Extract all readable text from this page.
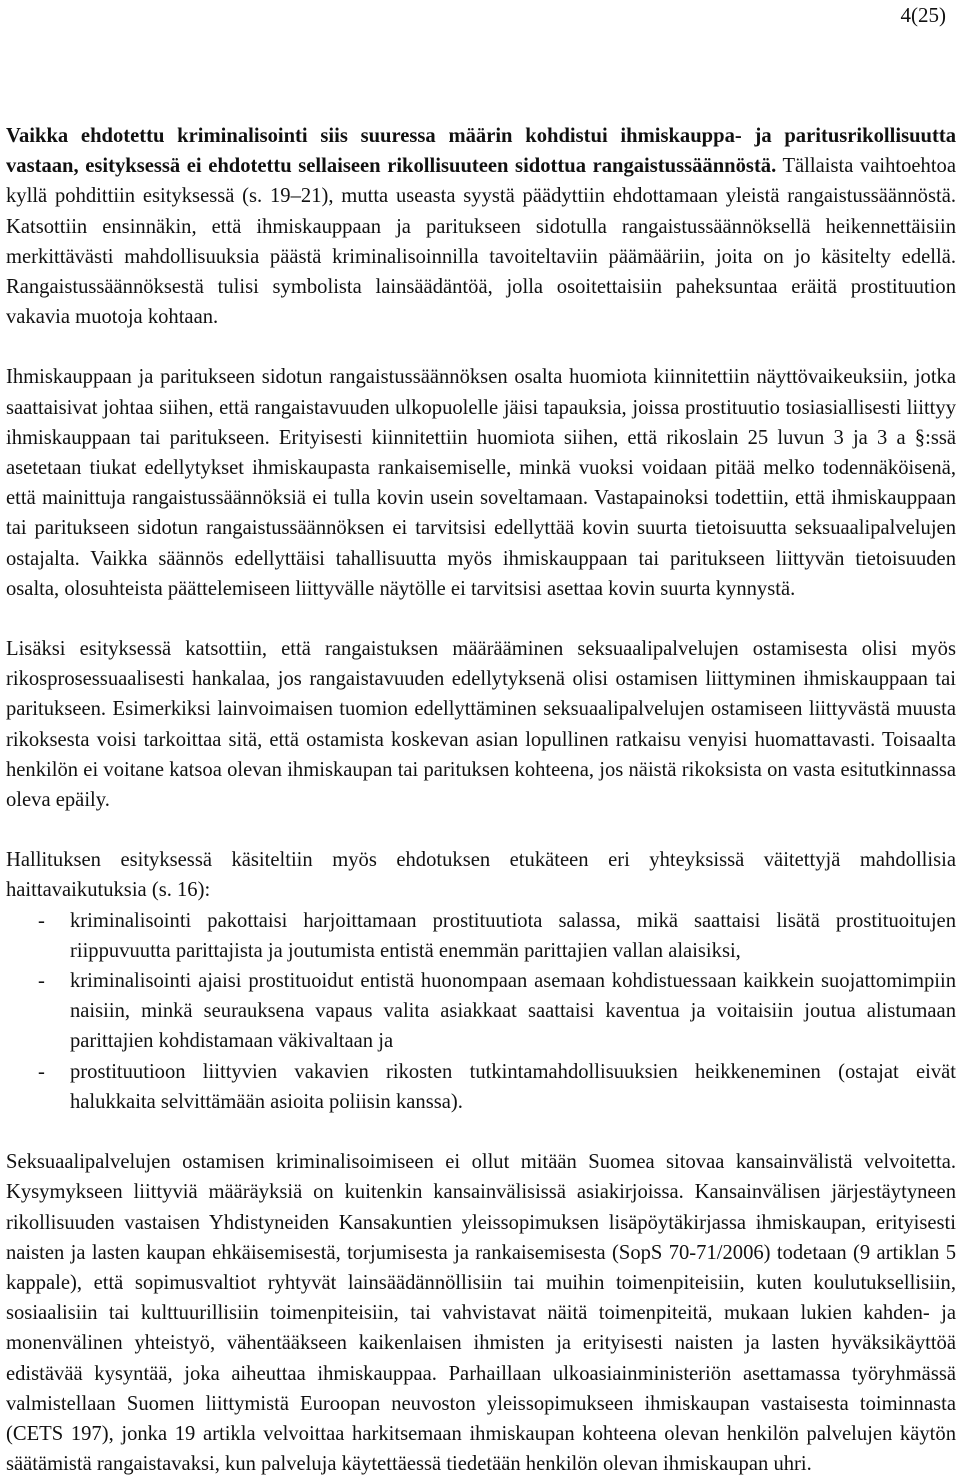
4(25)

Vaikka ehdotettu kriminalisointi siis suuressa määrin kohdistui ihmiskauppa- ja paritusrikollisuutta vastaan, esityksessä ei ehdotettu sellaiseen rikollisuuteen sidottua rangaistussäännöstä. Tällaista vaihtoehtoa kyllä pohdittiin esityksessä (s. 19–21), mutta useasta syystä päädyttiin ehdottamaan yleistä rangaistussäännöstä. Katsottiin ensinnäkin, että ihmiskauppaan ja paritukseen sidotulla rangaistussäännöksellä heikennettäisiin merkittävästi mahdollisuuksia päästä kriminalisoinnilla tavoiteltaviin päämääriin, joita on jo käsitelty edellä. Rangaistussäännöksestä tulisi symbolista lainsäädäntöä, jolla osoitettaisiin paheksuntaa eräitä prostituution vakavia muotoja kohtaan.

Ihmiskauppaan ja paritukseen sidotun rangaistussäännöksen osalta huomiota kiinnitettiin näyttövaikeuksiin, jotka saattaisivat johtaa siihen, että rangaistavuuden ulkopuolelle jäisi tapauksia, joissa prostituutio tosiasiallisesti liittyy ihmiskauppaan tai paritukseen. Erityisesti kiinnitettiin huomiota siihen, että rikoslain 25 luvun 3 ja 3 a §:ssä asetetaan tiukat edellytykset ihmiskaupasta rankaisemiselle, minkä vuoksi voidaan pitää melko todennäköisenä, että mainittuja rangaistussäännöksiä ei tulla kovin usein soveltamaan. Vastapainoksi todettiin, että ihmiskauppaan tai paritukseen sidotun rangaistussäännöksen ei tarvitsisi edellyttää kovin suurta tietoisuutta seksuaalipalvelujen ostajalta. Vaikka säännös edellyttäisi tahallisuutta myös ihmiskauppaan tai paritukseen liittyvän tietoisuuden osalta, olosuhteista päättelemiseen liittyvälle näytölle ei tarvitsisi asettaa kovin suurta kynnystä.

Lisäksi esityksessä katsottiin, että rangaistuksen määrääminen seksuaalipalvelujen ostamisesta olisi myös rikosprosessuaalisesti hankalaa, jos rangaistavuuden edellytyksenä olisi ostamisen liittyminen ihmiskauppaan tai paritukseen. Esimerkiksi lainvoimaisen tuomion edellyttäminen seksuaalipalvelujen ostamiseen liittyvästä muusta rikoksesta voisi tarkoittaa sitä, että ostamista koskevan asian lopullinen ratkaisu venyisi huomattavasti. Toisaalta henkilön ei voitane katsoa olevan ihmiskaupan tai parituksen kohteena, jos näistä rikoksista on vasta esitutkinnassa oleva epäily.

Hallituksen esityksessä käsiteltiin myös ehdotuksen etukäteen eri yhteyksissä väitettyjä mahdollisia haittavaikutuksia (s. 16):

- kriminalisointi pakottaisi harjoittamaan prostituutiota salassa, mikä saattaisi lisätä prostituoitujen riippuvuutta parittajista ja joutumista entistä enemmän parittajien vallan alaisiksi,
- kriminalisointi ajaisi prostituoidut entistä huonompaan asemaan kohdistuessaan kaikkein suojattomimpiin naisiin, minkä seurauksena vapaus valita asiakkaat saattaisi kaventua ja voitaisiin joutua alistumaan parittajien kohdistamaan väkivaltaan ja
- prostituutioon liittyvien vakavien rikosten tutkintamahdollisuuksien heikkeneminen (ostajat eivät halukkaita selvittämään asioita poliisin kanssa).

Seksuaalipalvelujen ostamisen kriminalisoimiseen ei ollut mitään Suomea sitovaa kansainvälistä velvoitetta. Kysymykseen liittyviä määräyksiä on kuitenkin kansainvälisissä asiakirjoissa. Kansainvälisen järjestäytyneen rikollisuuden vastaisen Yhdistyneiden Kansakuntien yleissopimuksen lisäpöytäkirjassa ihmiskaupan, erityisesti naisten ja lasten kaupan ehkäisemisestä, torjumisesta ja rankaisemisesta (SopS 70-71/2006) todetaan (9 artiklan 5 kappale), että sopimusvaltiot ryhtyvät lainsäädännöllisiin tai muihin toimenpiteisiin, kuten koulutuksellisiin, sosiaalisiin tai kulttuurillisiin toimenpiteisiin, tai vahvistavat näitä toimenpiteitä, mukaan lukien kahden- ja monenvälinen yhteistyö, vähentääkseen kaikenlaisen ihmisten ja erityisesti naisten ja lasten hyväksikäyttöä edistävää kysyntää, joka aiheuttaa ihmiskauppaa. Parhaillaan ulkoasiainministeriön asettamassa työryhmässä valmistellaan Suomen liittymistä Euroopan neuvoston yleissopimukseen ihmiskaupan vastaisesta toiminnasta (CETS 197), jonka 19 artikla velvoittaa harkitsemaan ihmiskaupan kohteena olevan henkilön palvelujen käytön säätämistä rangaistavaksi, kun palveluja käytettäessä tiedetään henkilön olevan ihmiskaupan uhri.
